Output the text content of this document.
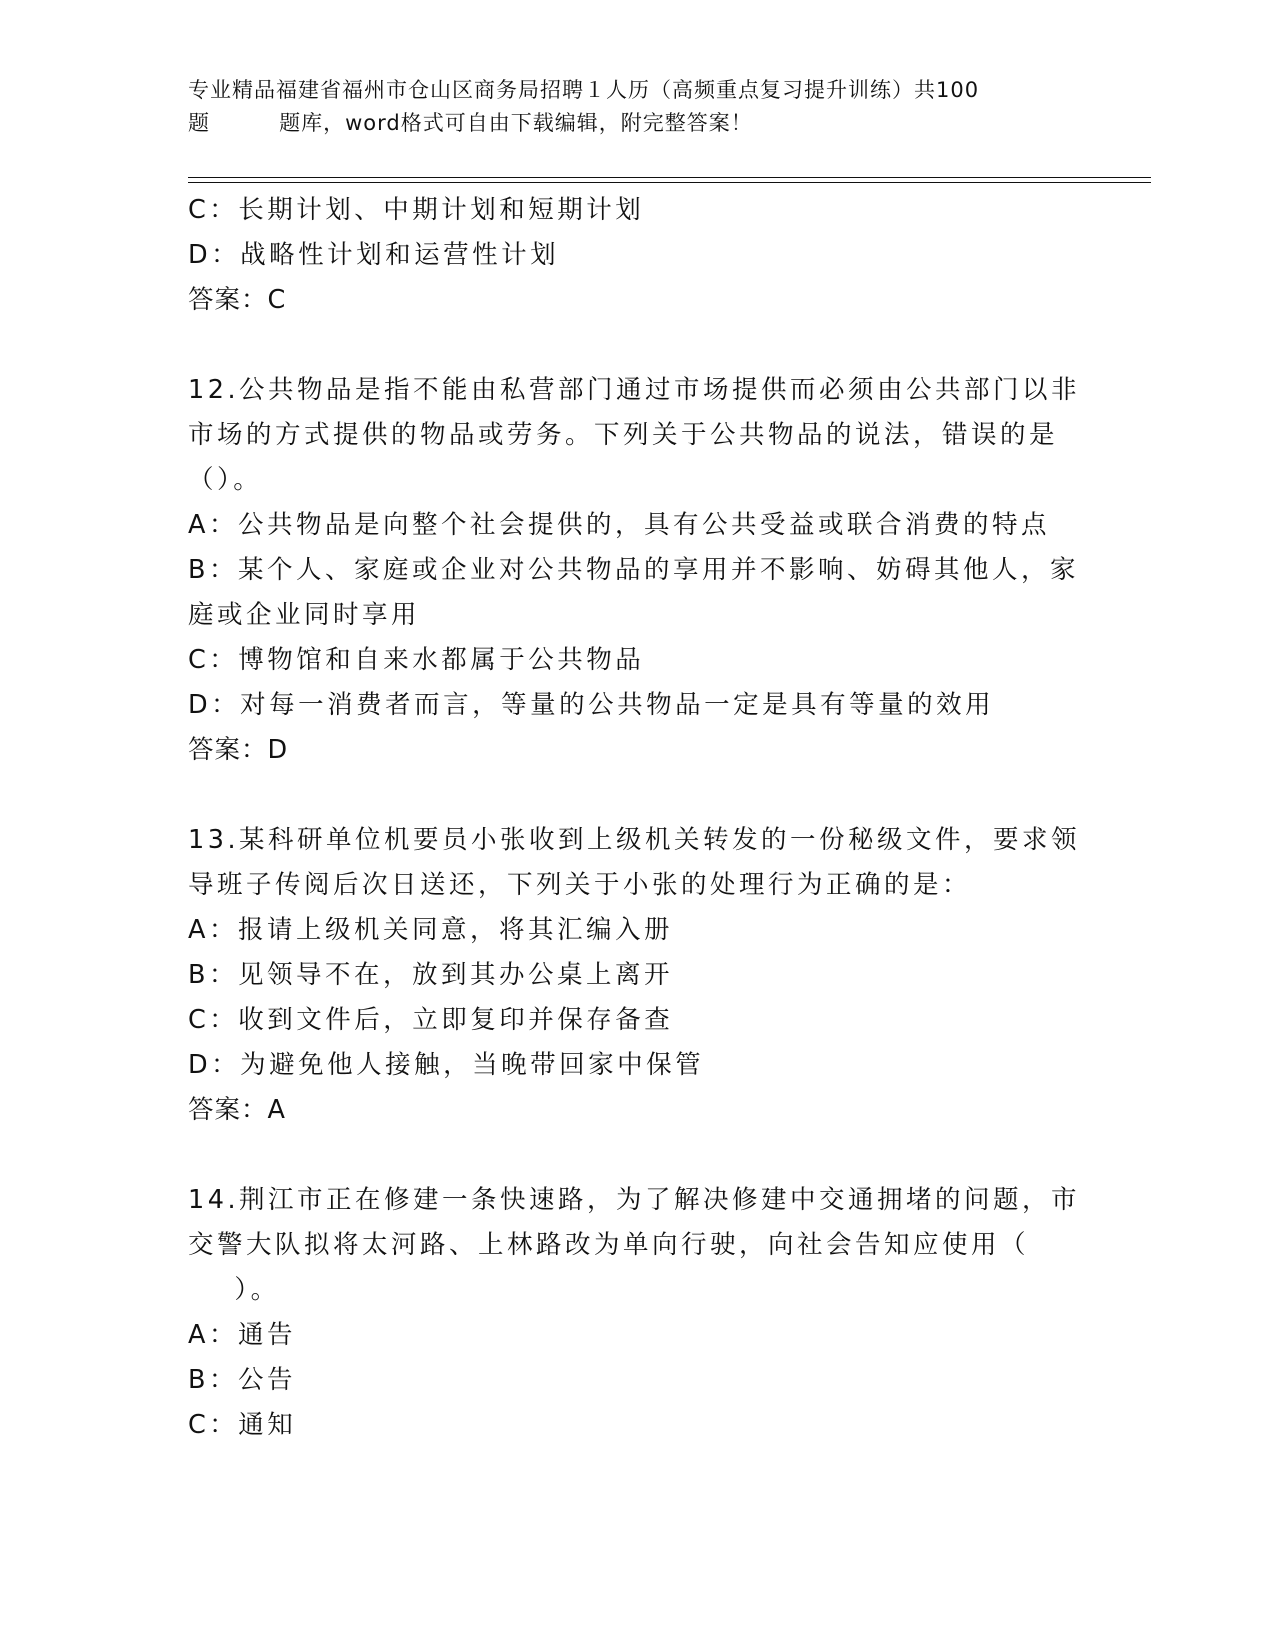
专业精品福建省福州市仓山区商务局招聘１人历（高频重点复习提升训练）共100

题         题库，word格式可自由下载编辑，附完整答案！
C：长期计划、中期计划和短期计划
D：战略性计划和运营性计划
答案：C
12.公共物品是指不能由私营部门通过市场提供而必须由公共部门以非
市场的方式提供的物品或劳务。下列关于公共物品的说法，错误的是
（）。
A：公共物品是向整个社会提供的，具有公共受益或联合消费的特点
B：某个人、家庭或企业对公共物品的享用并不影响、妨碍其他人，家
庭或企业同时享用
C：博物馆和自来水都属于公共物品
D：对每一消费者而言，等量的公共物品一定是具有等量的效用
答案：D
13.某科研单位机要员小张收到上级机关转发的一份秘级文件，要求领
导班子传阅后次日送还，下列关于小张的处理行为正确的是：
A：报请上级机关同意，将其汇编入册
B：见领导不在，放到其办公桌上离开
C：收到文件后，立即复印并保存备查
D：为避免他人接触，当晚带回家中保管
答案：A
14.荆江市正在修建一条快速路，为了解决修建中交通拥堵的问题，市
交警大队拟将太河路、上林路改为单向行驶，向社会告知应使用（
）。
A：通告
B：公告
C：通知
